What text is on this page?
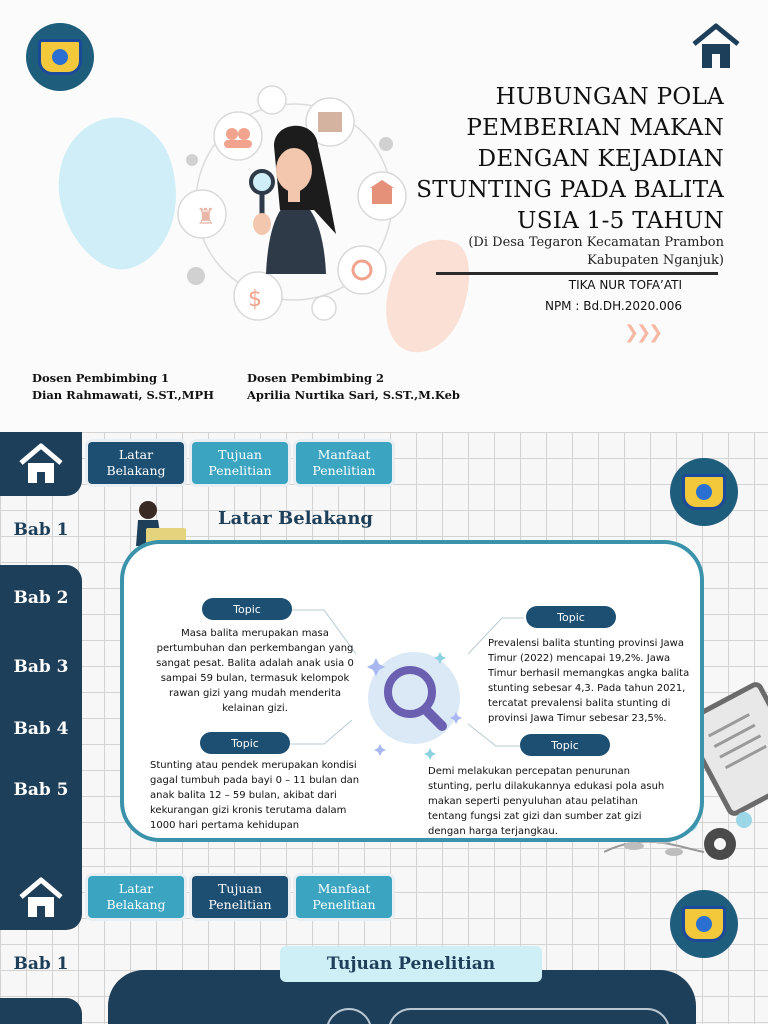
$
♜
HUBUNGAN POLA
PEMBERIAN MAKAN
DENGAN KEJADIAN
STUNTING PADA BALITA
USIA 1-5 TAHUN
(Di Desa Tegaron Kecamatan Prambon
Kabupaten Nganjuk)
TIKA NUR TOFA’ATI
NPM : Bd.DH.2020.006
❯❯❯
Dosen Pembimbing 1
Dian Rahmawati, S.ST.,MPH
Dosen Pembimbing 2
Aprilia Nurtika Sari, S.ST.,M.Keb
Bab 1
Bab 2
Bab 3
Bab 4
Bab 5
Latar
Belakang
Tujuan
Penelitian
Manfaat
Penelitian
Latar Belakang
Topic
Masa balita merupakan masa pertumbuhan dan perkembangan yang sangat pesat. Balita adalah anak usia 0 sampai 59 bulan, termasuk kelompok rawan gizi yang mudah menderita kelainan gizi.
Topic
Prevalensi balita stunting provinsi Jawa Timur (2022) mencapai 19,2%. Jawa Timur berhasil memangkas angka balita stunting sebesar 4,3. Pada tahun 2021, tercatat prevalensi balita stunting di provinsi Jawa Timur sebesar 23,5%.
Topic
Stunting atau pendek merupakan kondisi gagal tumbuh pada bayi 0 – 11 bulan dan anak balita 12 – 59 bulan, akibat dari kekurangan gizi kronis terutama dalam 1000 hari pertama kehidupan
Topic
Demi melakukan percepatan penurunan stunting, perlu dilakukannya edukasi pola asuh makan seperti penyuluhan atau pelatihan tentang fungsi zat gizi dan sumber zat gizi dengan harga terjangkau.
Bab 1
Latar
Belakang
Tujuan
Penelitian
Manfaat
Penelitian
Tujuan Penelitian
